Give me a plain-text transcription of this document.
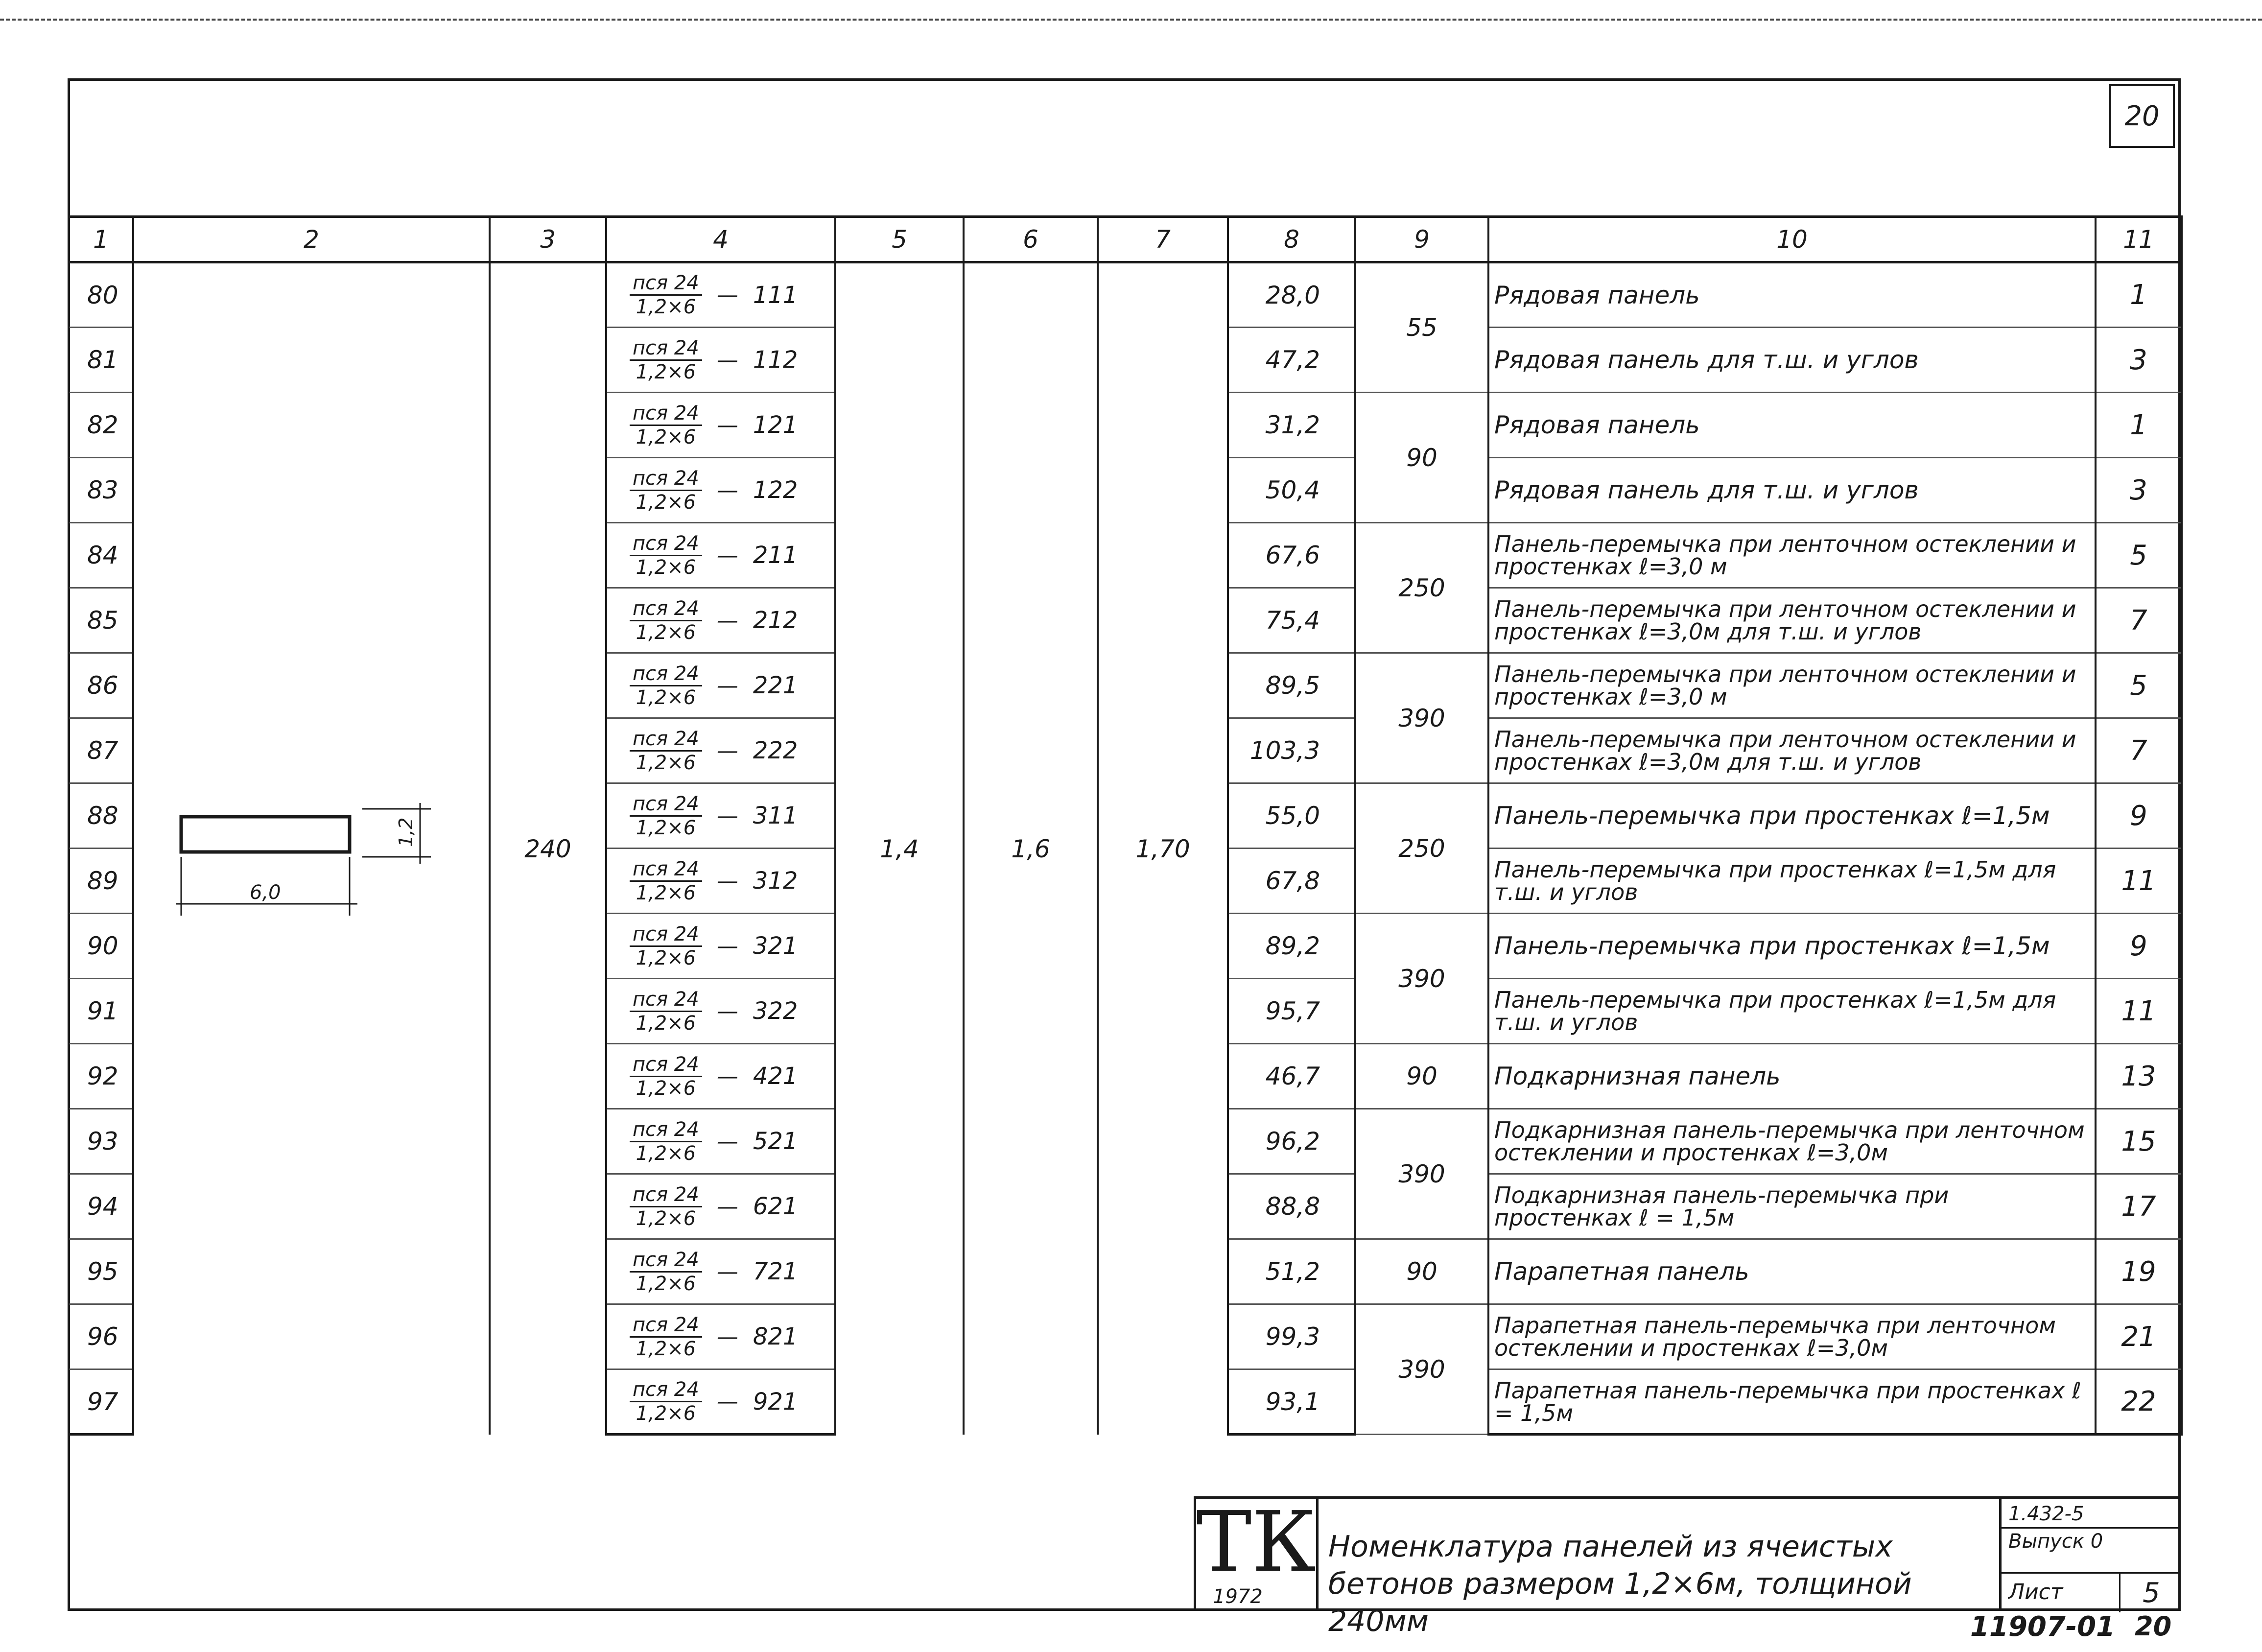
20
1	2	3	4	5	6	7	8	9	10	11
80		240	$\frac{\text{пся 24}}{1,2\times 6}$ — 111	1,4	1,6	1,70	28,0	55	Рядовая панель	1
81			$\frac{\text{пся 24}}{1,2\times 6}$ — 112				47,2		Рядовая панель для т.ш. и углов	3
82			$\frac{\text{пся 24}}{1,2\times 6}$ — 121				31,2	90	Рядовая панель	1
83			$\frac{\text{пся 24}}{1,2\times 6}$ — 122				50,4		Рядовая панель для т.ш. и углов	3
84			$\frac{\text{пся 24}}{1,2\times 6}$ — 211				67,6	250	Панель-перемычка при ленточном остеклении и простенках ℓ=3,0 м	5
85			$\frac{\text{пся 24}}{1,2\times 6}$ — 212				75,4		Панель-перемычка при ленточном остеклении и простенках ℓ=3,0м для т.ш. и углов	7
86			$\frac{\text{пся 24}}{1,2\times 6}$ — 221				89,5	390	Панель-перемычка при ленточном остеклении и простенках ℓ=3,0 м	5
87			$\frac{\text{пся 24}}{1,2\times 6}$ — 222				103,3		Панель-перемычка при ленточном остеклении и простенках ℓ=3,0м для т.ш. и углов	7
88			$\frac{\text{пся 24}}{1,2\times 6}$ — 311				55,0	250	Панель-перемычка при простенках ℓ=1,5м	9
89			$\frac{\text{пся 24}}{1,2\times 6}$ — 312				67,8		Панель-перемычка при простенках ℓ=1,5м для т.ш. и углов	11
90			$\frac{\text{пся 24}}{1,2\times 6}$ — 321				89,2	390	Панель-перемычка при простенках ℓ=1,5м	9
91			$\frac{\text{пся 24}}{1,2\times 6}$ — 322				95,7		Панель-перемычка при простенках ℓ=1,5м для т.ш. и углов	11
92			$\frac{\text{пся 24}}{1,2\times 6}$ — 421				46,7	90	Подкарнизная панель	13
93			$\frac{\text{пся 24}}{1,2\times 6}$ — 521				96,2	390	Подкарнизная панель-перемычка при ленточном остеклении и простенках ℓ=3,0м	15
94			$\frac{\text{пся 24}}{1,2\times 6}$ — 621				88,8		Подкарнизная панель-перемычка при простенках ℓ = 1,5м	17
95			$\frac{\text{пся 24}}{1,2\times 6}$ — 721				51,2	90	Парапетная панель	19
96			$\frac{\text{пся 24}}{1,2\times 6}$ — 821				99,3	390	Парапетная панель-перемычка при ленточном остеклении и простенках ℓ=3,0м	21
97			$\frac{\text{пся 24}}{1,2\times 6}$ — 921				93,1		Парапетная панель-перемычка при простенках ℓ = 1,5м	22
6,0
1,2
ТК
1972
Номенклатура панелей из ячеистых бетонов размером 1,2×6м, толщиной 240мм
1.432-5
Выпуск 0
Лист	5
11907-01 20
